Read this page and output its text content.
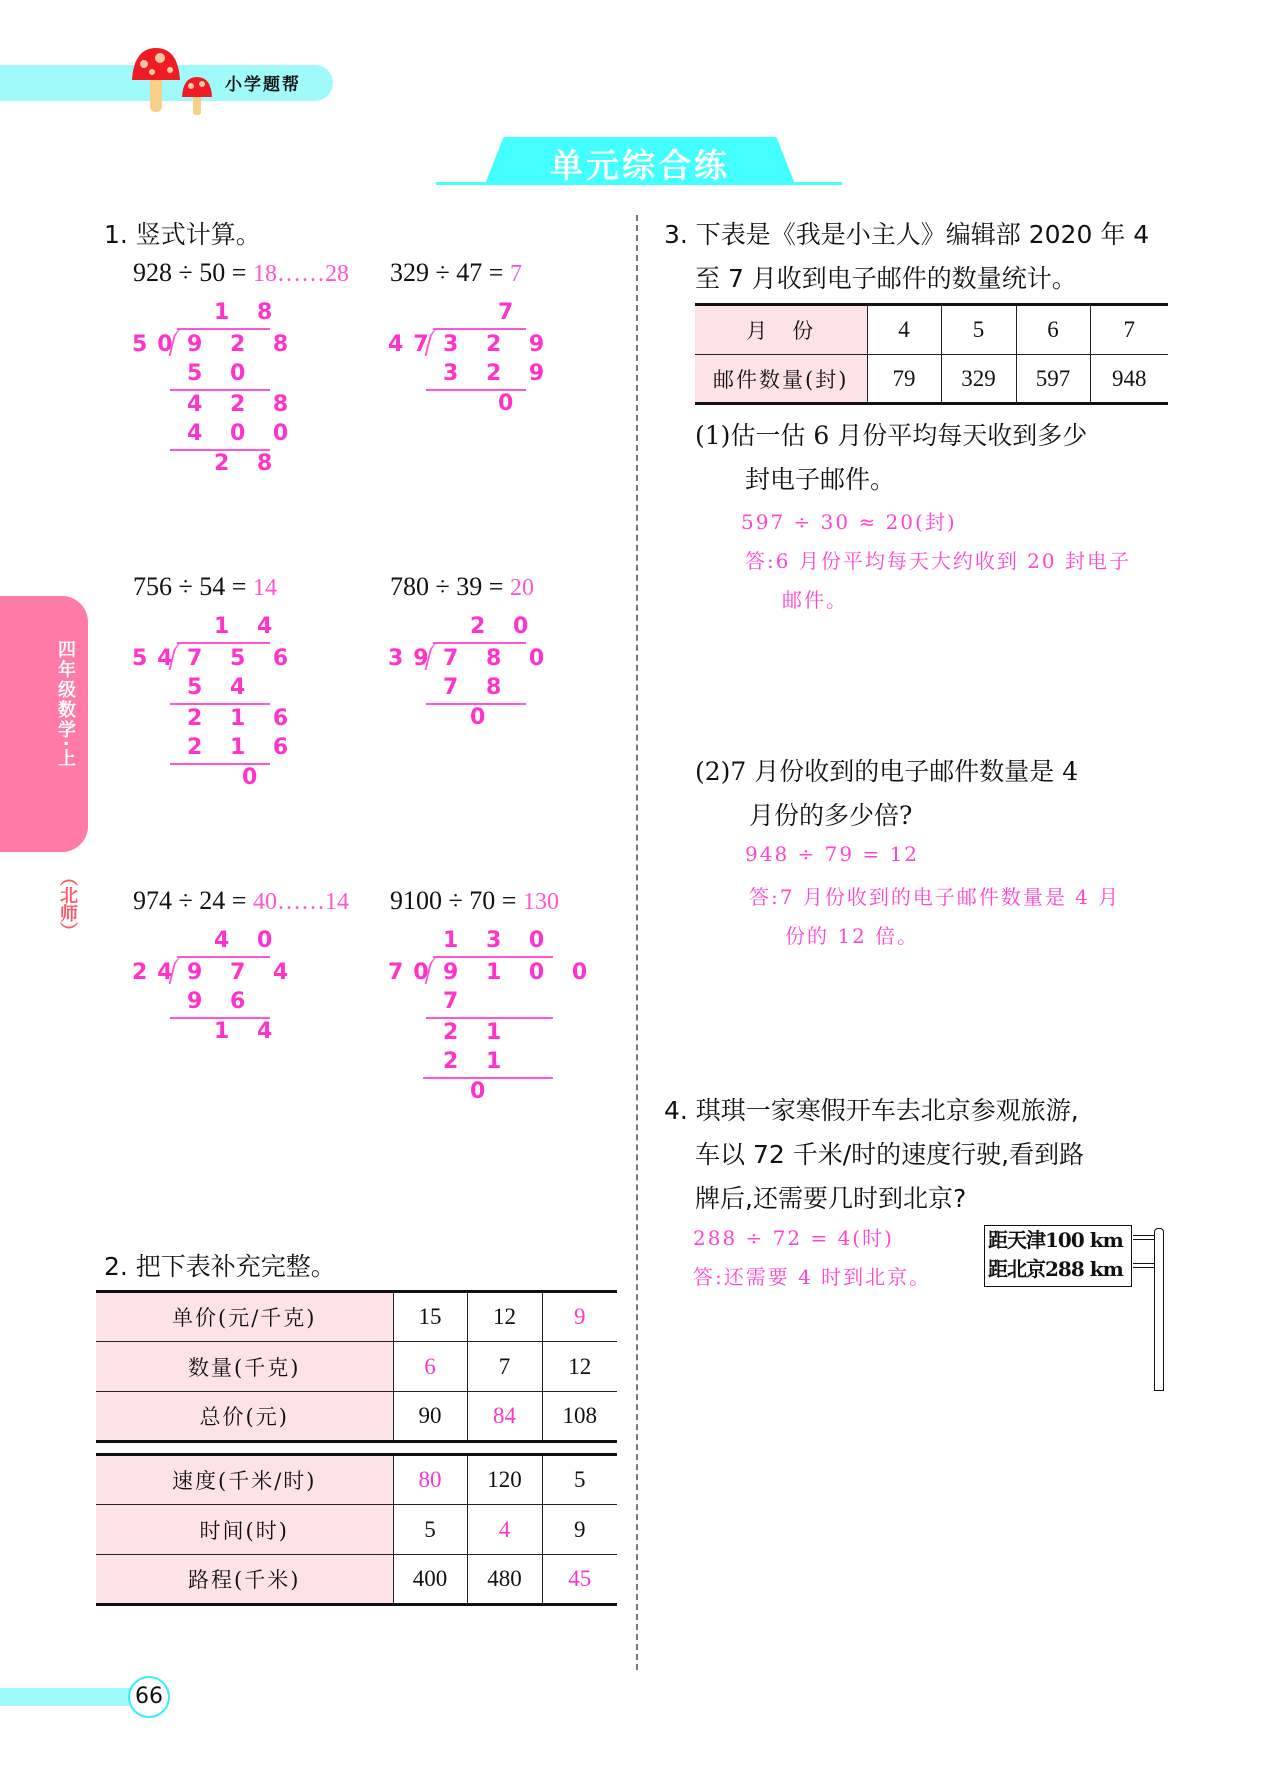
小学题帮
单元综合练
四年级数学·上
（北师）
1. 竖式计算。
928 ÷ 50 = 18……28
1 8
50 9 2 8
5 0
4 2 8
4 0 0
2 8
329 ÷ 47 = 7
7
47 3 2 9
3 2 9
0
756 ÷ 54 = 14
1 4
54 7 5 6
5 4
2 1 6
2 1 6
0
780 ÷ 39 = 20
2 0
39 7 8 0
7 8
0
974 ÷ 24 = 40……14
4 0
24 9 7 4
9 6
1 4
9100 ÷ 70 = 130
1 3 0
70 9 1 0 0
7
2 1
2 1
0
2. 把下表补充完整。
单价(元/千克)	15	12	9
数量(千克)	6	7	12
总价(元)	90	84	108
速度(千米/时)	80	120	5
时间(时)	5	4	9
路程(千米)	400	480	45
3. 下表是《我是小主人》编辑部 2020 年 4
至 7 月收到电子邮件的数量统计。
月　份	4	5	6	7
邮件数量(封)	79	329	597	948
(1)估一估 6 月份平均每天收到多少
封电子邮件。
597 ÷ 30 ≈ 20(封)
答:6 月份平均每天大约收到 20 封电子
邮件。
(2)7 月份收到的电子邮件数量是 4
月份的多少倍?
948 ÷ 79 = 12
答:7 月份收到的电子邮件数量是 4 月
份的 12 倍。
4. 琪琪一家寒假开车去北京参观旅游,
车以 72 千米/时的速度行驶,看到路
牌后,还需要几时到北京?
288 ÷ 72 = 4(时)
答:还需要 4 时到北京。
距天津100 km
距北京288 km
66
